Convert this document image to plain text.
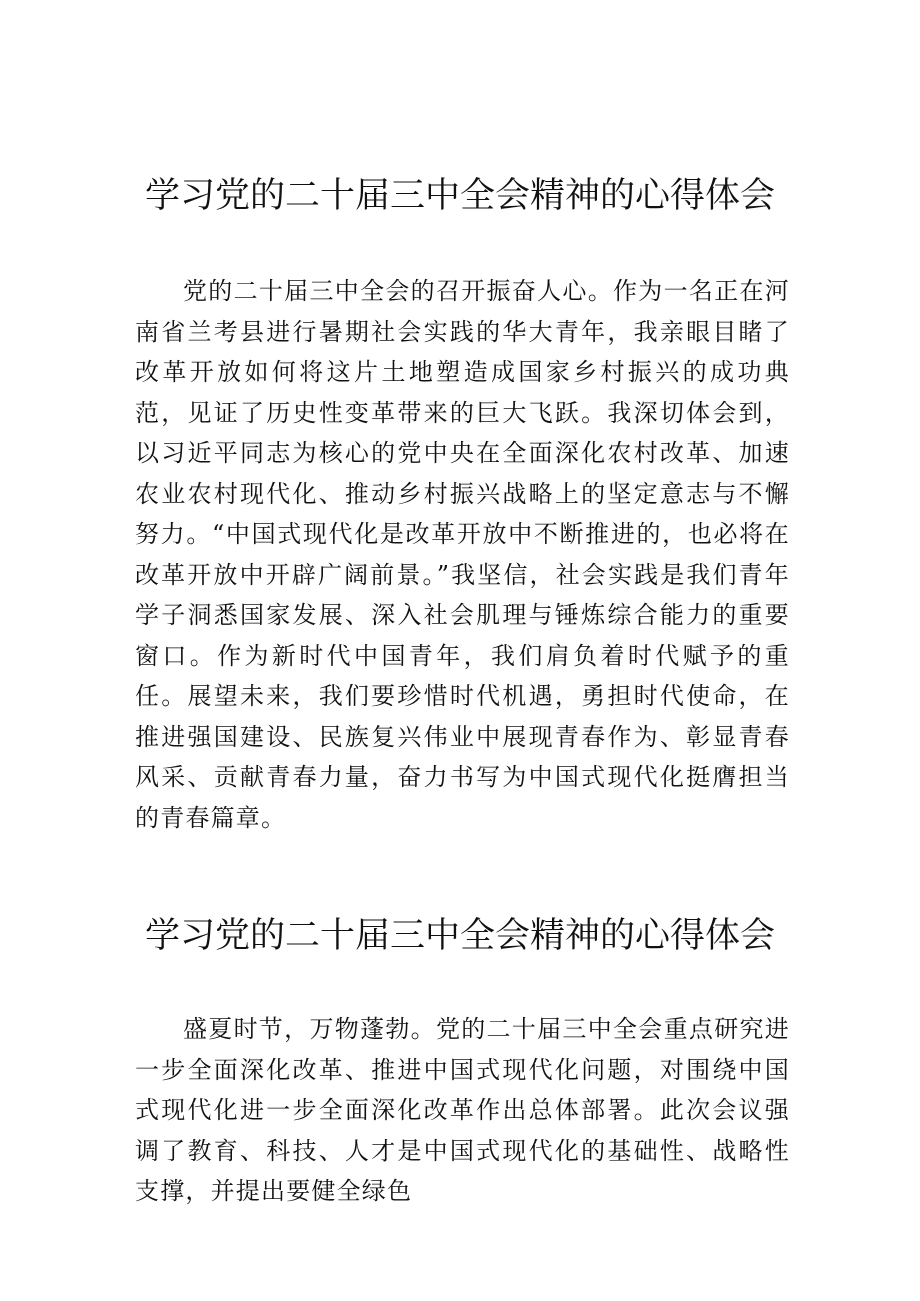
学习党的二十届三中全会精神的心得体会

党的二十届三中全会的召开振奋人心。作为一名正在河南省兰考县进行暑期社会实践的华大青年，我亲眼目睹了改革开放如何将这片土地塑造成国家乡村振兴的成功典范，见证了历史性变革带来的巨大飞跃。我深切体会到，以习近平同志为核心的党中央在全面深化农村改革、加速农业农村现代化、推动乡村振兴战略上的坚定意志与不懈努力。“中国式现代化是改革开放中不断推进的，也必将在改革开放中开辟广阔前景。”我坚信，社会实践是我们青年学子洞悉国家发展、深入社会肌理与锤炼综合能力的重要窗口。作为新时代中国青年，我们肩负着时代赋予的重任。展望未来，我们要珍惜时代机遇，勇担时代使命，在推进强国建设、民族复兴伟业中展现青春作为、彰显青春风采、贡献青春力量，奋力书写为中国式现代化挺膺担当的青春篇章。

学习党的二十届三中全会精神的心得体会

盛夏时节，万物蓬勃。党的二十届三中全会重点研究进一步全面深化改革、推进中国式现代化问题，对围绕中国式现代化进一步全面深化改革作出总体部署。此次会议强调了教育、科技、人才是中国式现代化的基础性、战略性支撑，并提出要健全绿色
